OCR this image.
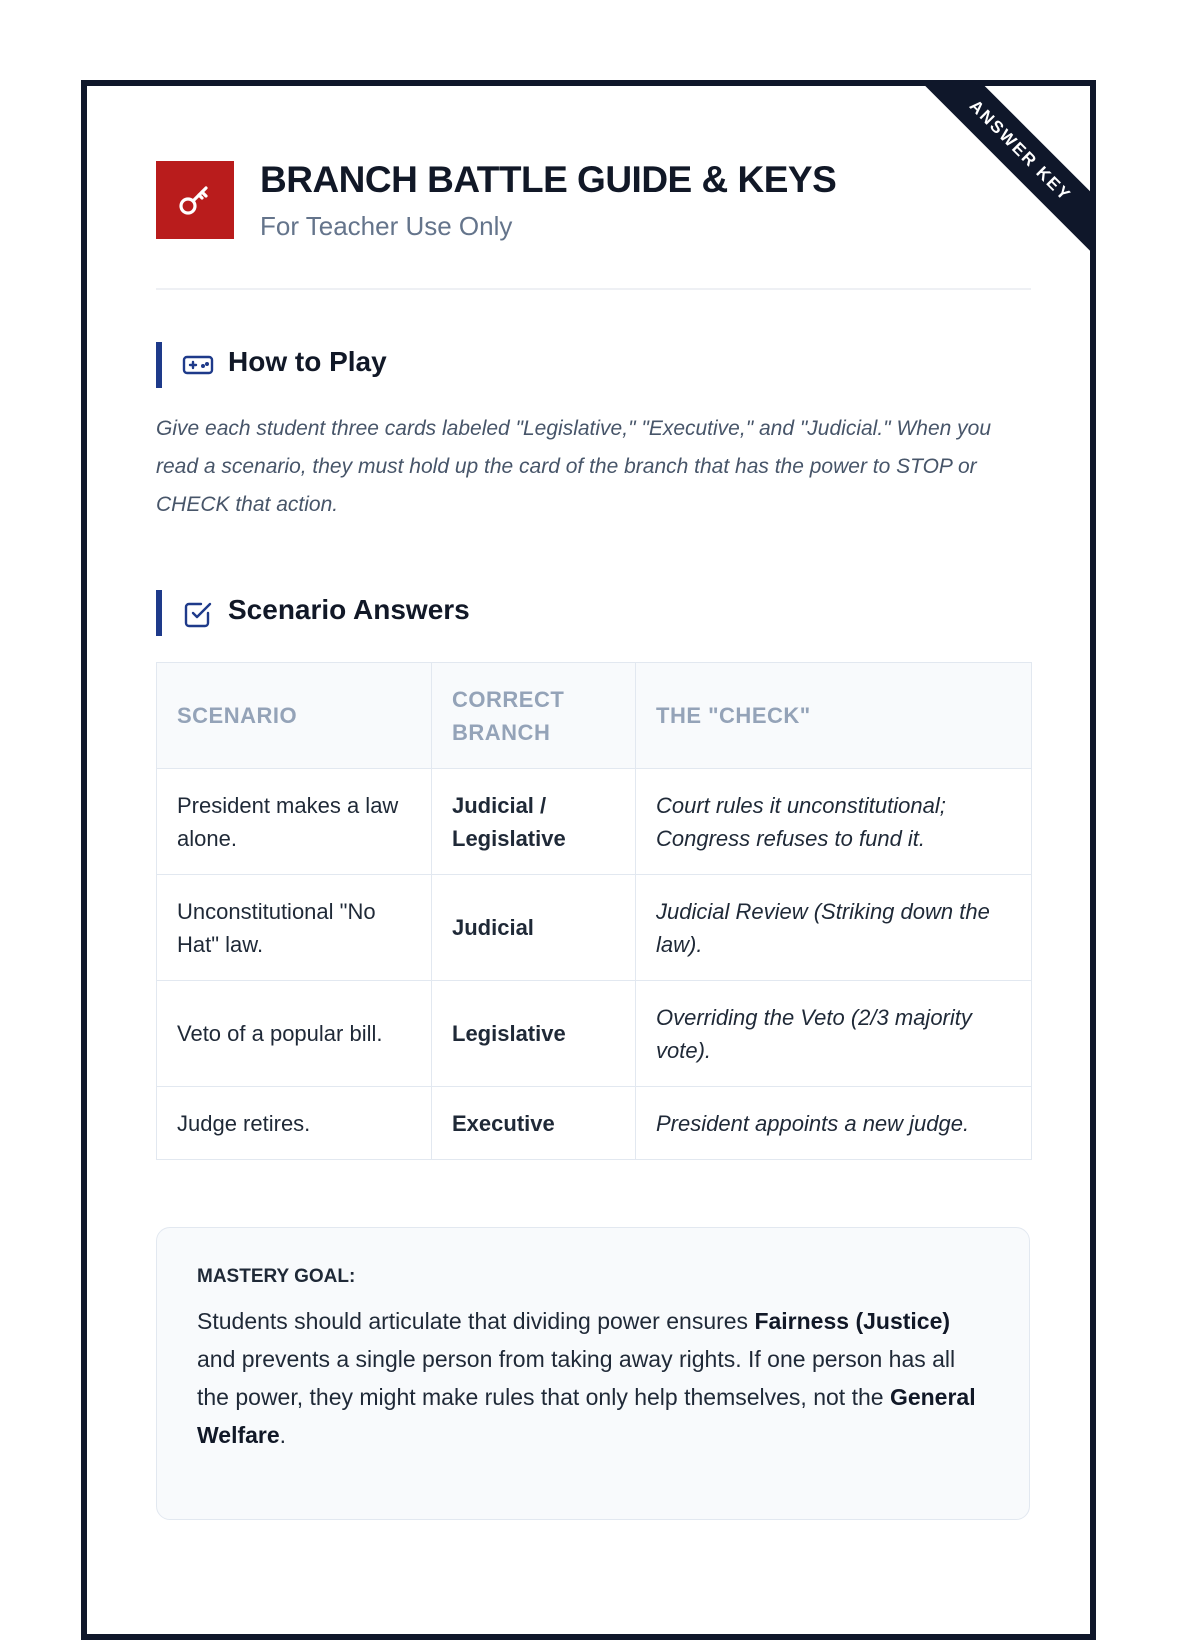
ANSWER KEY
BRANCH BATTLE GUIDE & KEYS
For Teacher Use Only
How to Play
Give each student three cards labeled "Legislative," "Executive," and "Judicial." When you read a scenario, they must hold up the card of the branch that has the power to STOP or CHECK that action.
Scenario Answers
SCENARIO	CORRECT BRANCH	THE "CHECK"
President makes a law alone.	Judicial / Legislative	Court rules it unconstitutional; Congress refuses to fund it.
Unconstitutional "No Hat" law.	Judicial	Judicial Review (Striking down the law).
Veto of a popular bill.	Legislative	Overriding the Veto (2/3 majority vote).
Judge retires.	Executive	President appoints a new judge.
MASTERY GOAL:
Students should articulate that dividing power ensures Fairness (Justice) and prevents a single person from taking away rights. If one person has all the power, they might make rules that only help themselves, not the General Welfare.
